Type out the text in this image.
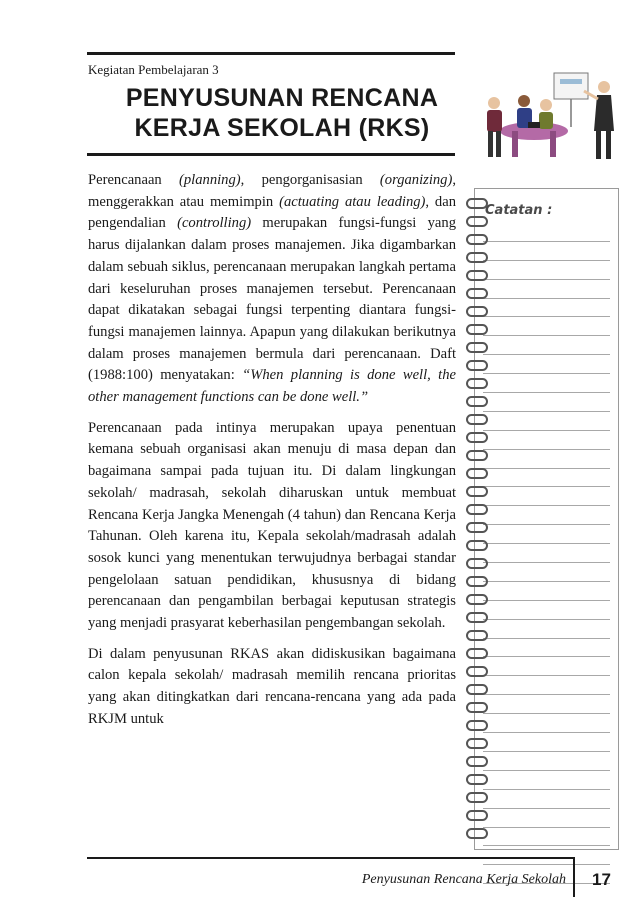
Kegiatan Pembelajaran 3
PENYUSUNAN RENCANA
KERJA SEKOLAH (RKS)
Catatan :

Perencanaan (planning), pengorganisasian (organizing), menggerakkan atau memimpin (actuating atau leading), dan pengendalian (controlling) merupakan fungsi-fungsi yang harus dijalankan dalam proses manajemen. Jika digambarkan dalam sebuah siklus, perencanaan merupakan langkah pertama dari keseluruhan proses manajemen tersebut. Perencanaan dapat dikatakan sebagai fungsi terpenting diantara fungsi-fungsi manajemen lainnya. Apapun yang dilakukan berikutnya dalam proses manajemen bermula dari perencanaan. Daft (1988:100) menyatakan: “When planning is done well, the other management functions can be done well.”

Perencanaan pada intinya merupakan upaya penentuan kemana sebuah organisasi akan menuju di masa depan dan bagaimana sampai pada tujuan itu. Di dalam lingkungan sekolah/ madrasah, sekolah diharuskan untuk membuat Rencana Kerja Jangka Menengah (4 tahun) dan Rencana Kerja Tahunan. Oleh karena itu, Kepala sekolah/madrasah adalah sosok kunci yang menentukan terwujudnya berbagai standar pengelolaan satuan pendidikan, khususnya di bidang perencanaan dan pengambilan berbagai keputusan strategis yang menjadi prasyarat keberhasilan pengembangan sekolah.

Di dalam penyusunan RKAS akan didiskusikan bagaimana calon kepala sekolah/ madrasah memilih rencana prioritas yang akan ditingkatkan dari rencana-rencana yang ada pada RKJM untuk

Penyusunan Rencana Kerja Sekolah 17
